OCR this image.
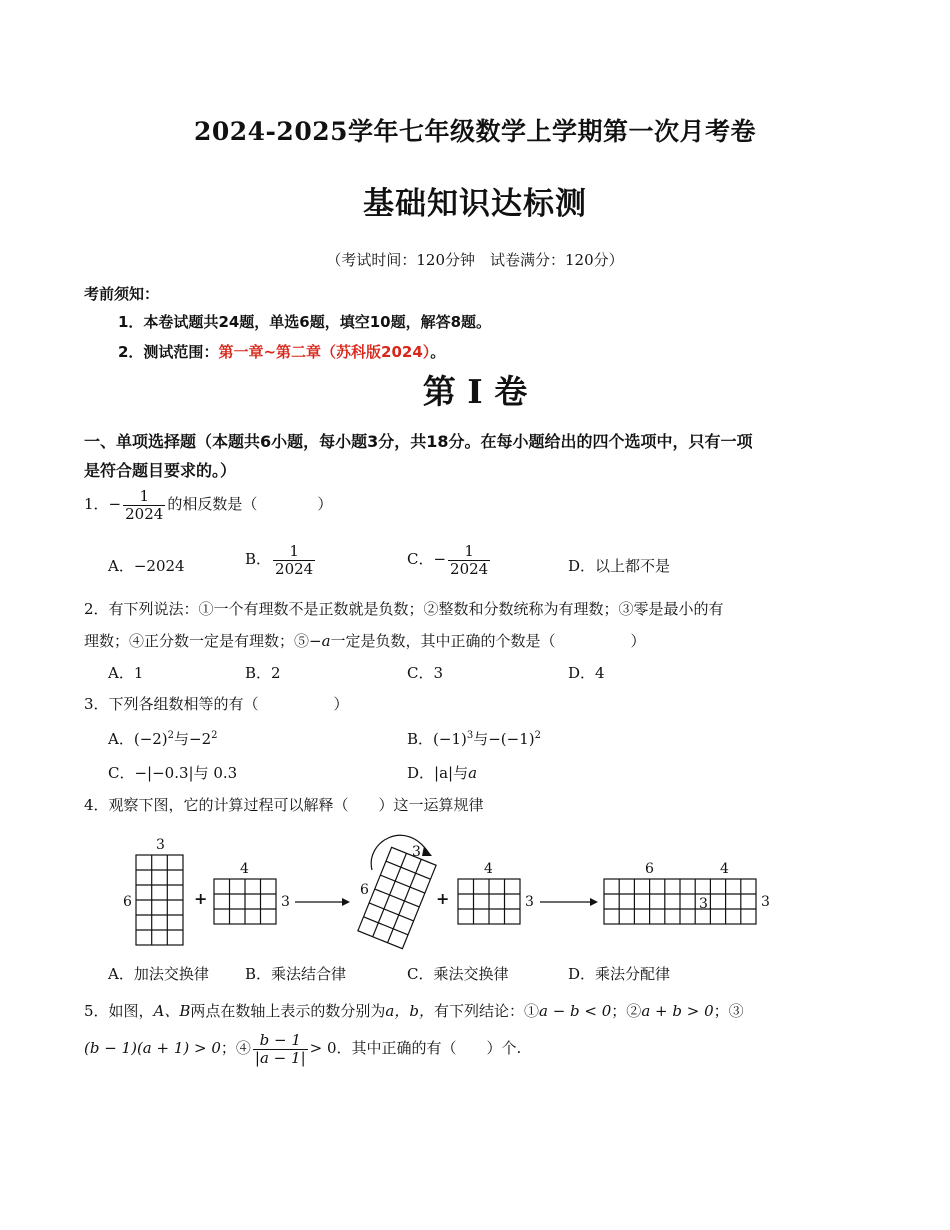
2024-2025学年七年级数学上学期第一次月考卷
基础知识达标测
（考试时间：120分钟　试卷满分：120分）
考前须知：
1．本卷试题共24题，单选6题，填空10题，解答8题。
2．测试范围：第一章~第二章（苏科版2024）。
第 I 卷
一、单项选择题（本题共6小题，每小题3分，共18分。在每小题给出的四个选项中，只有一项
是符合题目要求的。）
1．− $\frac{1}{2024}$ 的相反数是（　　　　）
A．−2024	B． $\frac{1}{2024}$	C．− $\frac{1}{2024}$	D．以上都不是
2．有下列说法：①一个有理数不是正数就是负数；②整数和分数统称为有理数；③零是最小的有
理数；④正分数一定是有理数；⑤−a一定是负数，其中正确的个数是（　　　　　）
A．1	B．2	C．3	D．4
3．下列各组数相等的有（　　　　　）
A．$(-2)^2$与$-2^2$	B．$(-1)^3$与$-(-1)^2$
C．−|−0.3|与 0.3	D．|a|与a
4．观察下图，它的计算过程可以解释（　　）这一运算规律
3
6	+
4
3
6
3
+
4
3
6	4
3	3
A．加法交换律 B．乘法结合律	C．乘法交换律	D．乘法分配律
5．如图，A、B两点在数轴上表示的数分别为a，b，有下列结论：①a − b < 0；②a + b > 0；③
(b − 1)(a + 1) > 0；④ $\frac{b - 1}{|a - 1|} > 0$．其中正确的有（　　）个.
